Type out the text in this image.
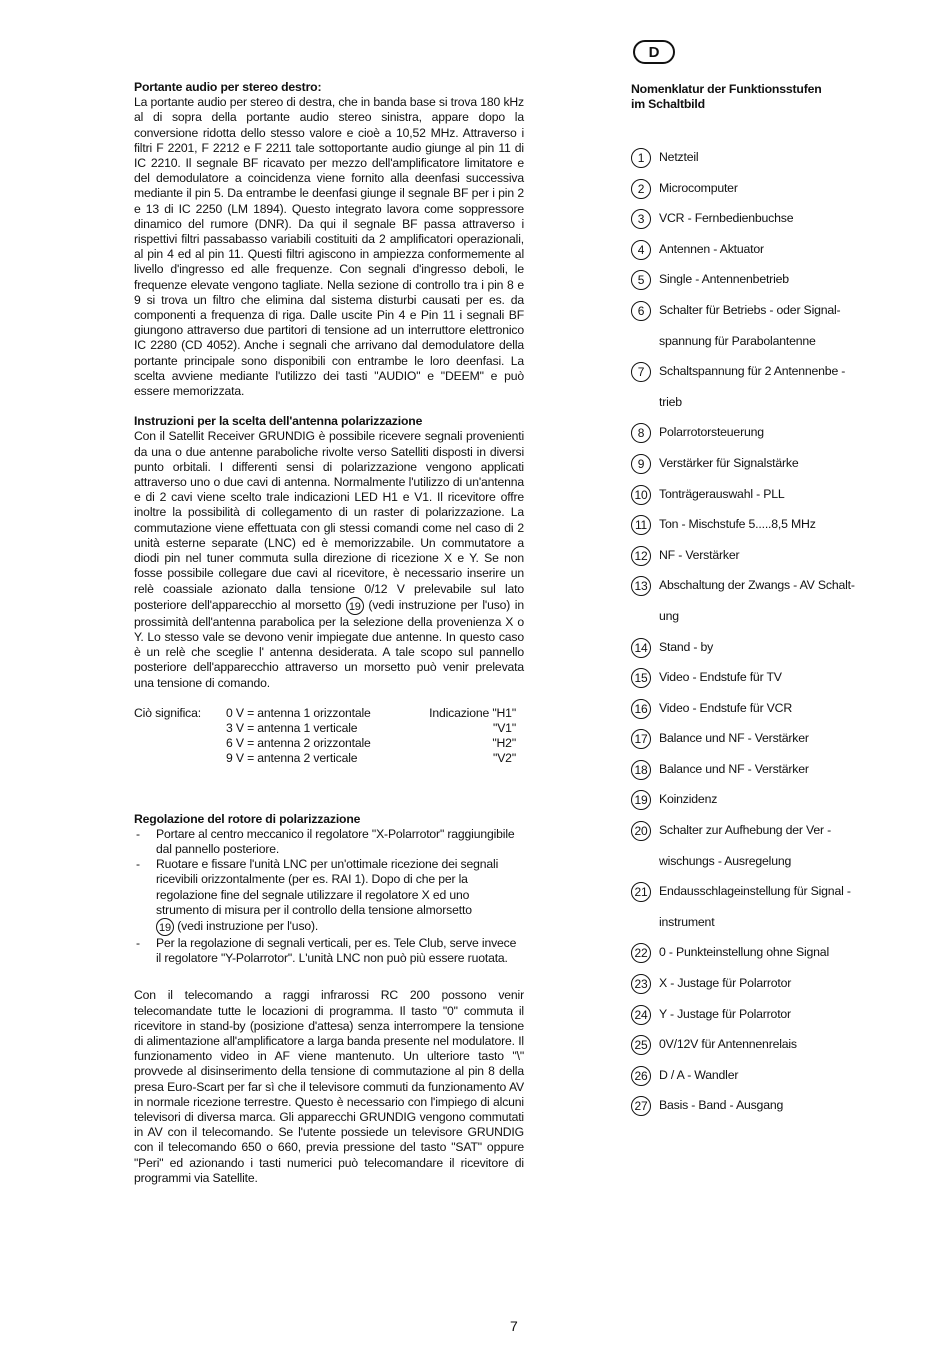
Portante audio per stereo destro:

La portante audio per stereo di destra, che in banda base si trova 180 kHz al di sopra della portante audio stereo sinistra, appare dopo la conversione ridotta dello stesso valore e cioè a 10,52 MHz. Attraverso i filtri F 2201, F 2212 e F 2211 tale sottoportante audio giunge al pin 11 di IC 2210. Il segnale BF ricavato per mezzo dell'amplificatore limitatore e del demodulatore a coincidenza viene fornito alla deenfasi successiva mediante il pin 5. Da entrambe le deenfasi giunge il segnale BF per i pin 2 e 13 di IC 2250 (LM 1894). Questo integrato lavora come soppressore dinamico del rumore (DNR). Da qui il segnale BF passa attraverso i rispettivi filtri passabasso variabili costituiti da 2 amplificatori operazionali, al pin 4 ed al pin 11. Questi filtri agiscono in ampiezza conformemente al livello d'ingresso ed alle frequenze. Con segnali d'ingresso deboli, le frequenze elevate vengono tagliate. Nella sezione di controllo tra i pin 8 e 9 si trova un filtro che elimina dal sistema disturbi causati per es. da componenti a frequenza di riga. Dalle uscite Pin 4 e Pin 11 i segnali BF giungono attraverso due partitori di tensione ad un interruttore elettronico IC 2280 (CD 4052). Anche i segnali che arrivano dal demodulatore della portante principale sono disponibili con entrambe le loro deenfasi. La scelta avviene mediante l'utilizzo dei tasti "AUDIO" e "DEEM" e può essere memorizzata.

Instruzioni per la scelta dell'antenna polarizzazione

Con il Satellit Receiver GRUNDIG è possibile ricevere segnali provenienti da una o due antenne paraboliche rivolte verso Satelliti disposti in diversi punto orbitali. I differenti sensi di polarizzazione vengono applicati attraverso uno o due cavi di antenna. Normalmente l'utilizzo di un'antenna e di 2 cavi viene scelto trale indicazioni LED H1 e V1. Il ricevitore offre inoltre la possibilità di collegamento di un raster di polarizzazione. La commutazione viene effettuata con gli stessi comandi come nel caso di 2 unità esterne separate (LNC) ed è memorizzabile. Un commutatore a diodi pin nel tuner commuta sulla direzione di ricezione X e Y. Se non fosse possibile collegare due cavi al ricevitore, è necessario inserire un relè coassiale azionato dalla tensione 0/12 V prelevabile sul lato posteriore dell'apparecchio al morsetto 19 (vedi instruzione per l'uso) in prossimità dell'antenna parabolica per la selezione della provenienza X o Y. Lo stesso vale se devono venir impiegate due antenne. In questo caso è un relè che sceglie l' antenna desiderata. A tale scopo sul pannello posteriore dell'apparecchio attraverso un morsetto può venir prelevata una tensione di comando.

Ciò significa:	0 V = antenna 1 orizzontale	Indicazione "H1"
3 V = antenna 1 verticale	"V1"
6 V = antenna 2 orizzontale	"H2"
9 V = antenna 2 verticale	"V2"

Regolazione del rotore di polarizzazione

- Portare al centro meccanico il regolatore "X-Polarrotor" raggiungibile dal pannello posteriore.
- Ruotare e fissare l'unità LNC per un'ottimale ricezione dei segnali ricevibili orizzontalmente (per es. RAI 1). Dopo di che per la regolazione fine del segnale utilizzare il regolatore X ed uno strumento di misura per il controllo della tensione almorsetto
19 (vedi instruzione per l'uso).
- Per la regolazione di segnali verticali, per es. Tele Club, serve invece il regolatore "Y-Polarrotor". L'unità LNC non può più essere ruotata.

Con il telecomando a raggi infrarossi RC 200 possono venir telecomandate tutte le locazioni di programma. Il tasto "0" commuta il ricevitore in stand-by (posizione d'attesa) senza interrompere la tensione di alimentazione all'amplificatore a larga banda presente nel modulatore. Il funzionamento video in AF viene mantenuto. Un ulteriore tasto "\" provvede al disinserimento della tensione di commutazione al pin 8 della presa Euro-Scart per far sì che il televisore commuti da funzionamento AV in normale ricezione terrestre. Questo è necessario con l'impiego di alcuni televisori di diversa marca. Gli apparecchi GRUNDIG vengono commutati in AV con il telecomando. Se l'utente possiede un televisore GRUNDIG con il telecomando 650 o 660, previa pressione del tasto "SAT" oppure "Peri" ed azionando i tasti numerici può telecomandare il ricevitore di programmi via Satellite.

D
Nomenklatur der Funktionsstufen
im Schaltbild
1	Netzteil
2	Microcomputer
3	VCR - Fernbedienbuchse
4	Antennen - Aktuator
5	Single - Antennenbetrieb
6	Schalter für Betriebs - oder Signal-
spannung für Parabolantenne
7	Schaltspannung für 2 Antennenbe -
trieb
8	Polarrotorsteuerung
9	Verstärker für Signalstärke
10 Tonträgerauswahl - PLL
11 Ton - Mischstufe 5.....8,5 MHz
12 NF - Verstärker
13 Abschaltung der Zwangs - AV Schalt-
ung
14 Stand - by
15 Video - Endstufe für TV
16 Video - Endstufe für VCR
17 Balance und NF - Verstärker
18 Balance und NF - Verstärker
19 Koinzidenz
20 Schalter zur Aufhebung der Ver -
wischungs - Ausregelung
21 Endausschlageinstellung für Signal -
instrument
22 0 - Punkteinstellung ohne Signal
23 X - Justage für Polarrotor
24 Y - Justage für Polarrotor
25 0V/12V für Antennenrelais
26 D / A - Wandler
27 Basis - Band - Ausgang
7
